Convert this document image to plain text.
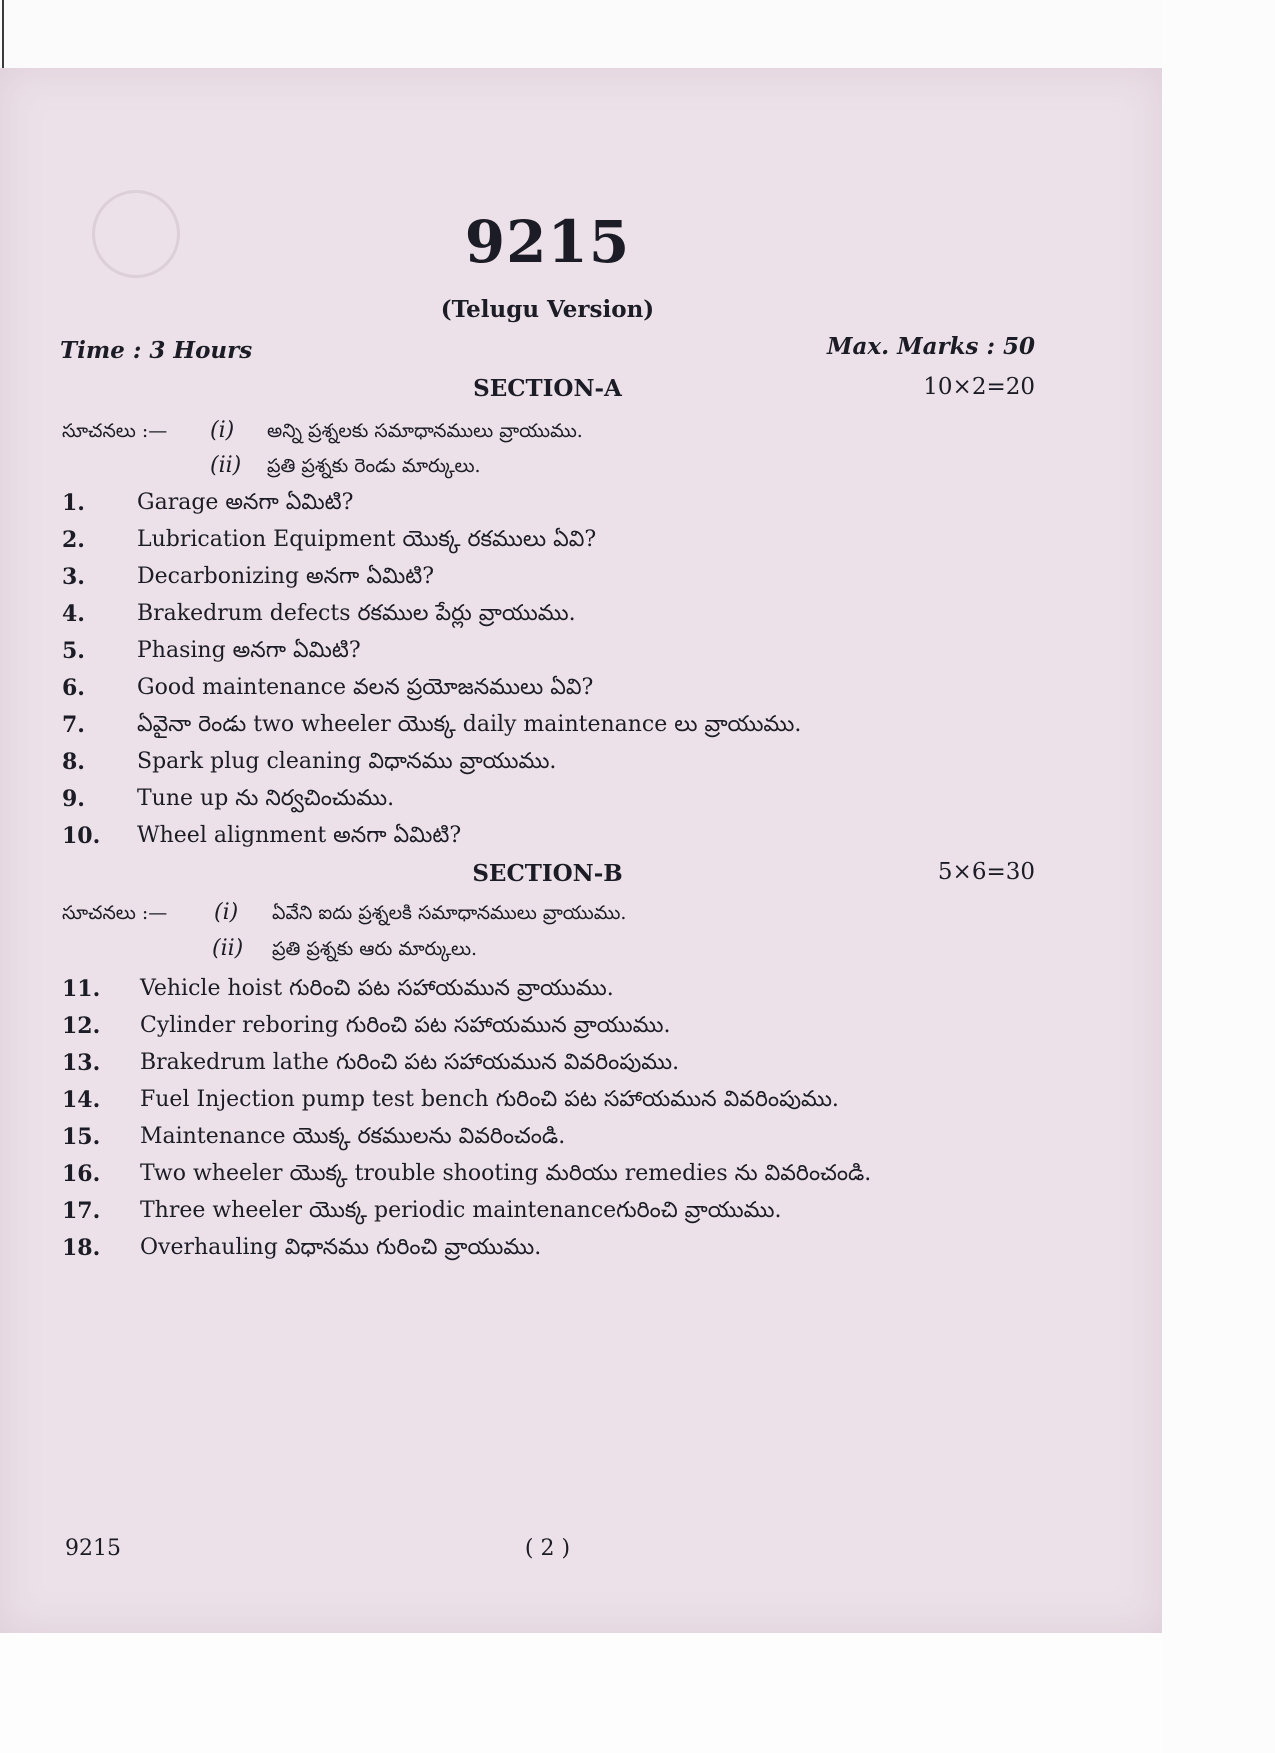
9215
(Telugu Version)
Time : 3 Hours	Max. Marks : 50
SECTION-A	10×2=20
సూచనలు :— (i) అన్ని ప్రశ్నలకు సమాధానములు వ్రాయుము.
(ii) ప్రతి ప్రశ్నకు రెండు మార్కులు.
1. Garage అనగా ఏమిటి?
2. Lubrication Equipment యొక్క రకములు ఏవి?
3. Decarbonizing అనగా ఏమిటి?
4. Brakedrum defects రకముల పేర్లు వ్రాయుము.
5. Phasing అనగా ఏమిటి?
6. Good maintenance వలన ప్రయోజనములు ఏవి?
7. ఏవైనా రెండు two wheeler యొక్క daily maintenance లు వ్రాయుము.
8. Spark plug cleaning విధానము వ్రాయుము.
9. Tune up ను నిర్వచించుము.
10. Wheel alignment అనగా ఏమిటి?
SECTION-B	5×6=30
సూచనలు :— (i) ఏవేని ఐదు ప్రశ్నలకి సమాధానములు వ్రాయుము.
(ii) ప్రతి ప్రశ్నకు ఆరు మార్కులు.
11. Vehicle hoist గురించి పట సహాయమున వ్రాయుము.
12. Cylinder reboring గురించి పట సహాయమున వ్రాయుము.
13. Brakedrum lathe గురించి పట సహాయమున వివరింపుము.
14. Fuel Injection pump test bench గురించి పట సహాయమున వివరింపుము.
15. Maintenance యొక్క రకములను వివరించండి.
16. Two wheeler యొక్క trouble shooting మరియు remedies ను వివరించండి.
17. Three wheeler యొక్క periodic maintenanceగురించి వ్రాయుము.
18. Overhauling విధానము గురించి వ్రాయుము.
9215	( 2 )
